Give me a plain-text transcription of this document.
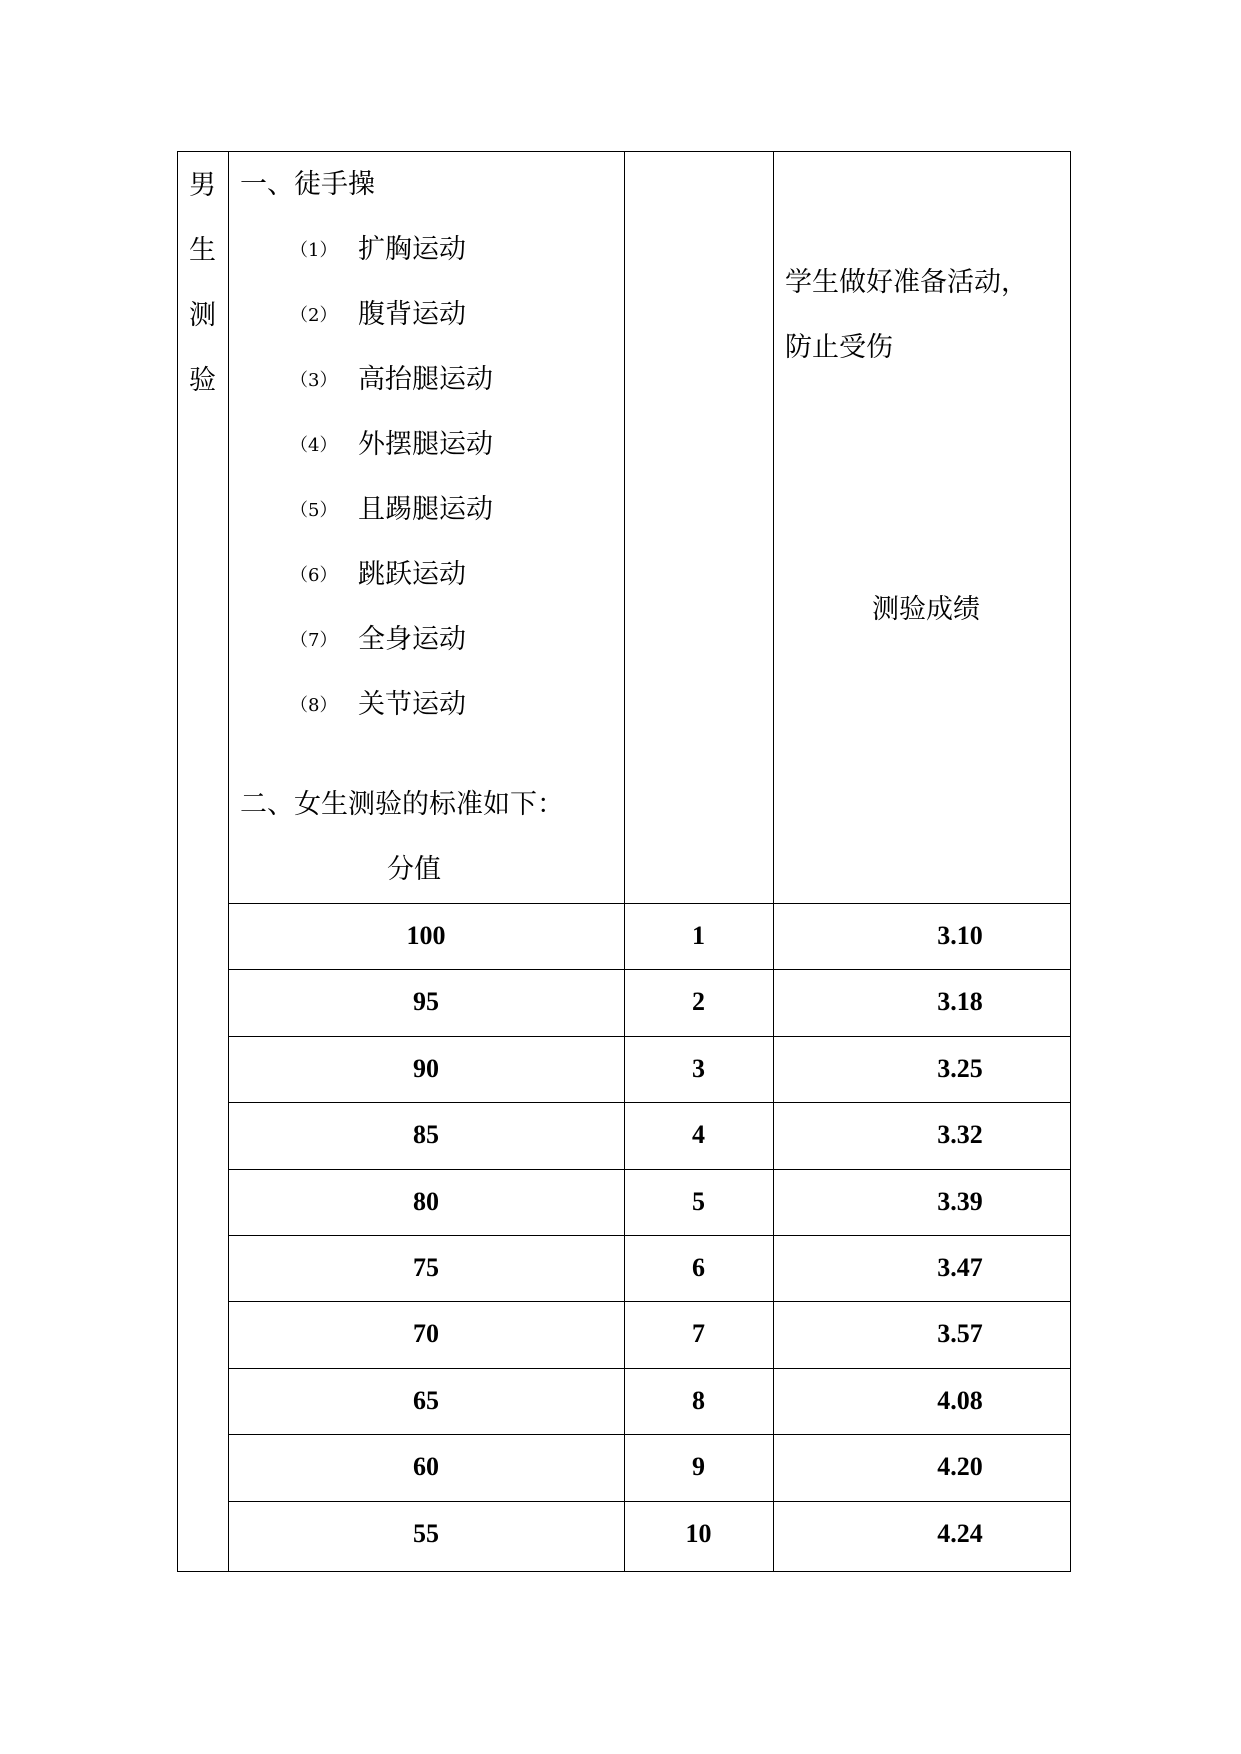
男
生
测
验
一、徒手操
（1） 扩胸运动
（2） 腹背运动
（3） 高抬腿运动
（4） 外摆腿运动
（5） 且踢腿运动
（6） 跳跃运动
（7） 全身运动
（8） 关节运动
二、女生测验的标准如下：
分值
学生做好准备活动，
防止受伤
测验成绩
100	1	3.10
95	2	3.18
90	3	3.25
85	4	3.32
80	5	3.39
75	6	3.47
70	7	3.57
65	8	4.08
60	9	4.20
55	10	4.24
